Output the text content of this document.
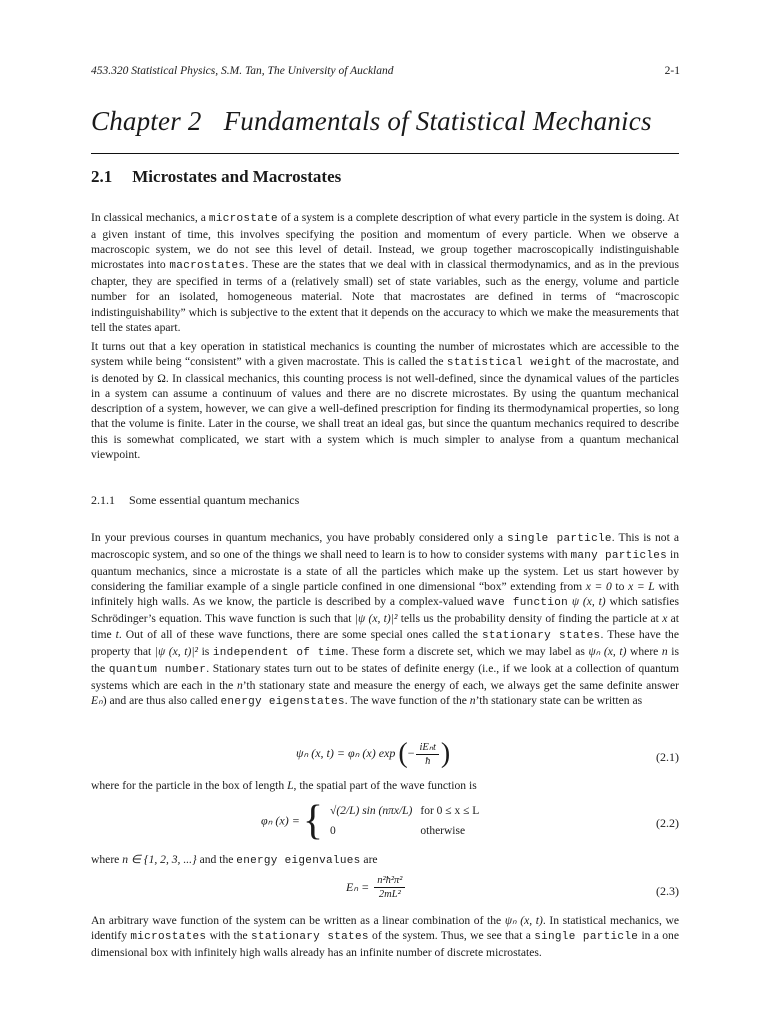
453.320 Statistical Physics, S.M. Tan, The University of Auckland	2-1
Chapter 2 Fundamentals of Statistical Mechanics
2.1 Microstates and Macrostates

In classical mechanics, a microstate of a system is a complete description of what every particle in the system is doing. At a given instant of time, this involves specifying the position and momentum of every particle. When we observe a macroscopic system, we do not see this level of detail. Instead, we group together macroscopically indistinguishable microstates into macrostates. These are the states that we deal with in classical thermodynamics, and as in the previous chapter, they are specified in terms of a (relatively small) set of state variables, such as the energy, volume and particle number for an isolated, homogeneous material. Note that macrostates are defined in terms of “macroscopic indistinguishability” which is subjective to the extent that it depends on the accuracy to which we make the measurements that tell the states apart.

It turns out that a key operation in statistical mechanics is counting the number of microstates which are accessible to the system while being “consistent” with a given macrostate. This is called the statistical weight of the macrostate, and is denoted by Ω. In classical mechanics, this counting process is not well-defined, since the dynamical values of the particles in a system can assume a continuum of values and there are no discrete microstates. By using the quantum mechanical description of a system, however, we can give a well-defined prescription for finding its thermodynamical properties, so long that the volume is finite. Later in the course, we shall treat an ideal gas, but since the quantum mechanics required to describe this is somewhat complicated, we start with a system which is much simpler to analyse from a quantum mechanical viewpoint.

2.1.1 Some essential quantum mechanics

In your previous courses in quantum mechanics, you have probably considered only a single particle. This is not a macroscopic system, and so one of the things we shall need to learn is to how to consider systems with many particles in quantum mechanics, since a microstate is a state of all the particles which make up the system. Let us start however by considering the familiar example of a single particle confined in one dimensional “box” extending from x = 0 to x = L with infinitely high walls. As we know, the particle is described by a complex-valued wave function ψ (x, t) which satisfies Schrödinger’s equation. This wave function is such that |ψ (x, t)|² tells us the probability density of finding the particle at x at time t. Out of all of these wave functions, there are some special ones called the stationary states. These have the property that |ψ (x, t)|² is independent of time. These form a discrete set, which we may label as ψₙ (x, t) where n is the quantum number. Stationary states turn out to be states of definite energy (i.e., if we look at a collection of quantum systems which are each in the n’th stationary state and measure the energy of each, we always get the same definite answer Eₙ) and are thus also called energy eigenstates. The wave function of the n’th stationary state can be written as

ψₙ (x, t) = φₙ (x) exp (− $\frac{\text{iEₙt}}{ħ}$ )	(2.1)

where for the particle in the box of length L, the spatial part of the wave function is

φₙ (x) = { √(2/L) sin (nπx/L)	for 0 ≤ x ≤ L
0	otherwise
(2.2)

where n ∈ {1, 2, 3, ...} and the energy eigenvalues are

$E_n = \frac{\text{n²ħ²π²}}{\text{2mL²}}$	(2.3)

An arbitrary wave function of the system can be written as a linear combination of the ψₙ (x, t). In statistical mechanics, we identify microstates with the stationary states of the system. Thus, we see that a single particle in a one dimensional box with infinitely high walls already has an infinite number of discrete microstates.
